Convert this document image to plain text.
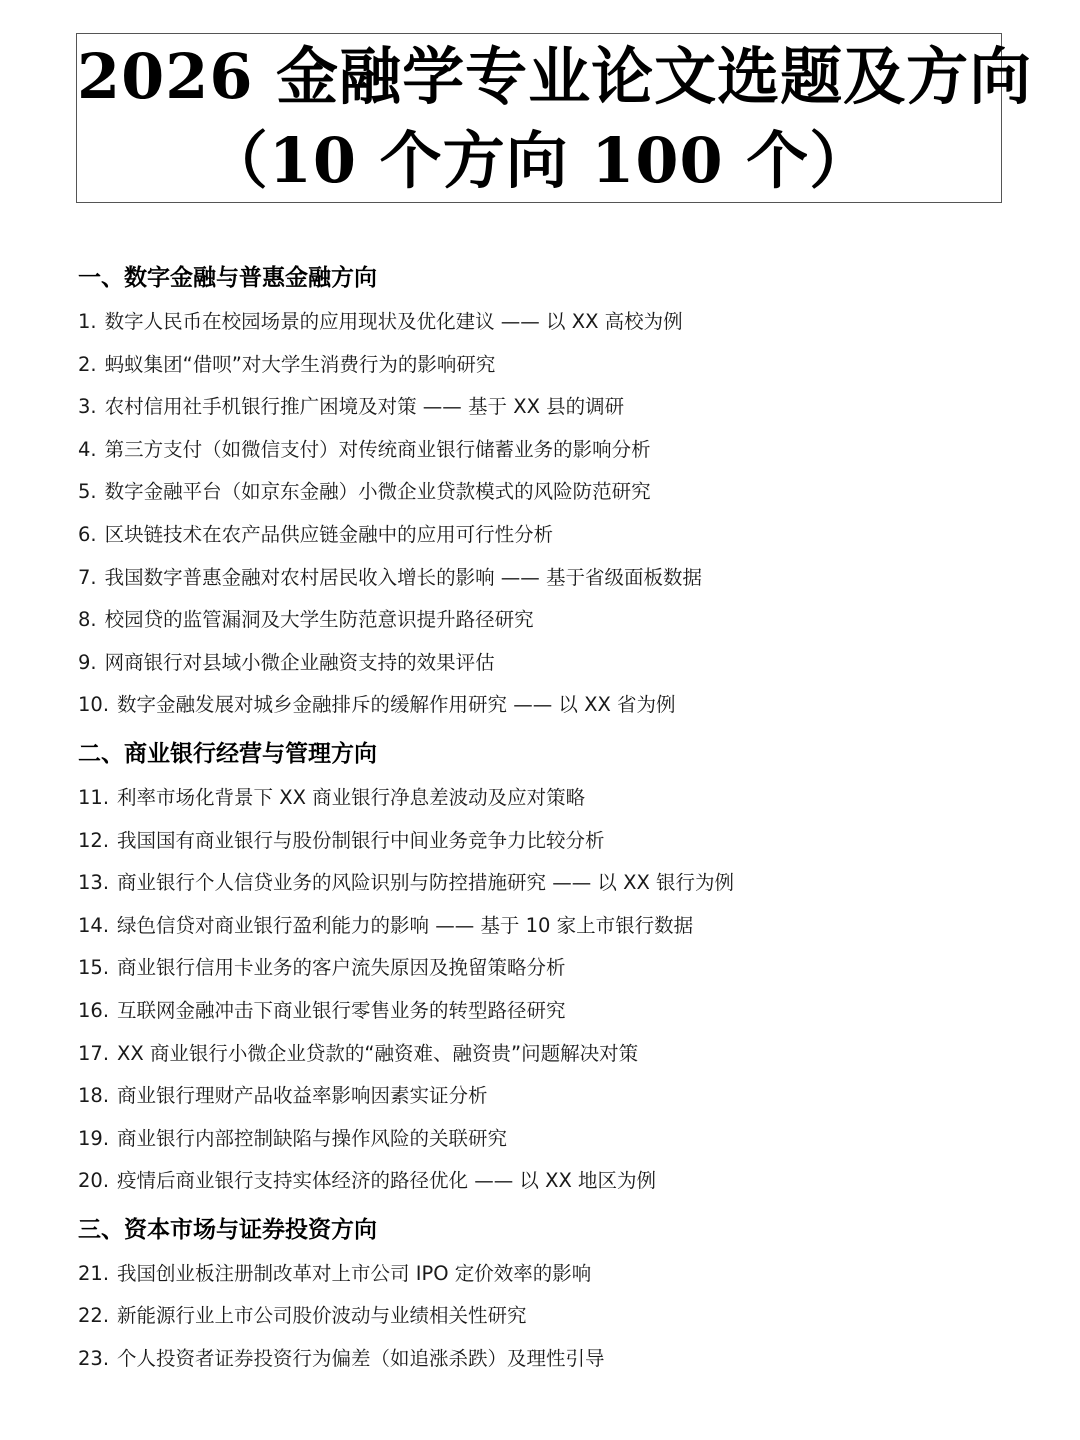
2026 金融学专业论文选题及方向
（10 个方向 100 个）
一、数字金融与普惠金融方向
1. 数字人民币在校园场景的应用现状及优化建议 —— 以 XX 高校为例
2. 蚂蚁集团“借呗”对大学生消费行为的影响研究
3. 农村信用社手机银行推广困境及对策 —— 基于 XX 县的调研
4. 第三方支付（如微信支付）对传统商业银行储蓄业务的影响分析
5. 数字金融平台（如京东金融）小微企业贷款模式的风险防范研究
6. 区块链技术在农产品供应链金融中的应用可行性分析
7. 我国数字普惠金融对农村居民收入增长的影响 —— 基于省级面板数据
8. 校园贷的监管漏洞及大学生防范意识提升路径研究
9. 网商银行对县域小微企业融资支持的效果评估
10. 数字金融发展对城乡金融排斥的缓解作用研究 —— 以 XX 省为例
二、商业银行经营与管理方向
11. 利率市场化背景下 XX 商业银行净息差波动及应对策略
12. 我国国有商业银行与股份制银行中间业务竞争力比较分析
13. 商业银行个人信贷业务的风险识别与防控措施研究 —— 以 XX 银行为例
14. 绿色信贷对商业银行盈利能力的影响 —— 基于 10 家上市银行数据
15. 商业银行信用卡业务的客户流失原因及挽留策略分析
16. 互联网金融冲击下商业银行零售业务的转型路径研究
17. XX 商业银行小微企业贷款的“融资难、融资贵”问题解决对策
18. 商业银行理财产品收益率影响因素实证分析
19. 商业银行内部控制缺陷与操作风险的关联研究
20. 疫情后商业银行支持实体经济的路径优化 —— 以 XX 地区为例
三、资本市场与证券投资方向
21. 我国创业板注册制改革对上市公司 IPO 定价效率的影响
22. 新能源行业上市公司股价波动与业绩相关性研究
23. 个人投资者证券投资行为偏差（如追涨杀跌）及理性引导
